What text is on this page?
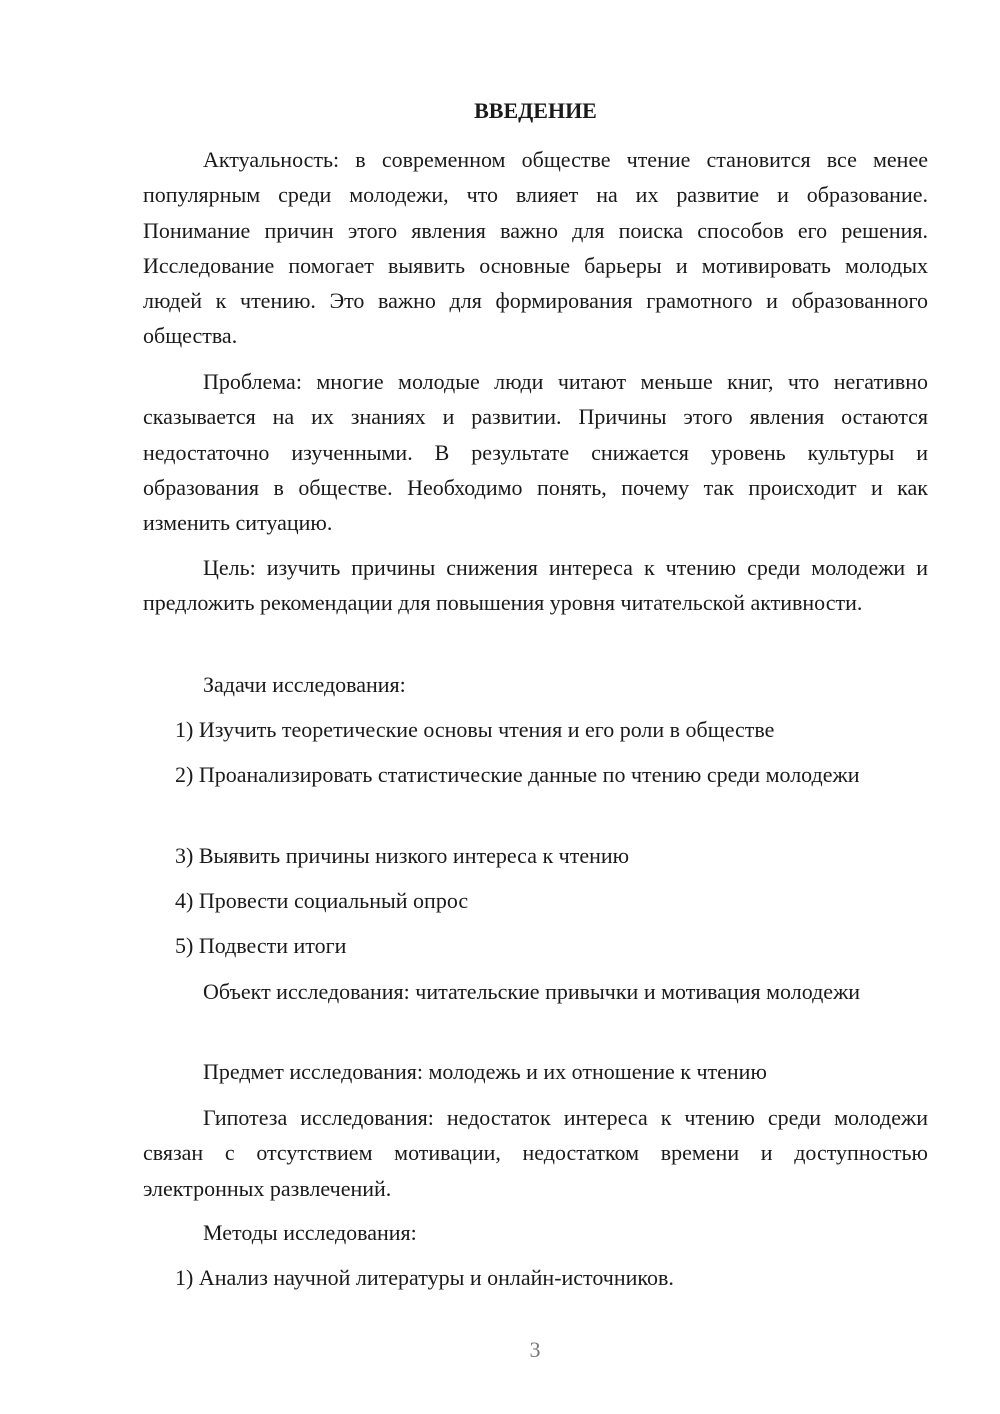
ВВЕДЕНИЕ
Актуальность: в современном обществе чтение становится все менее популярным среди молодежи, что влияет на их развитие и образование. Понимание причин этого явления важно для поиска способов его решения. Исследование помогает выявить основные барьеры и мотивировать молодых людей к чтению. Это важно для формирования грамотного и образованного общества.
Проблема: многие молодые люди читают меньше книг, что негативно сказывается на их знаниях и развитии. Причины этого явления остаются недостаточно изученными. В результате снижается уровень культуры и образования в обществе. Необходимо понять, почему так происходит и как изменить ситуацию.
Цель: изучить причины снижения интереса к чтению среди молодежи и предложить рекомендации для повышения уровня читательской активности.
Задачи исследования:
1) Изучить теоретические основы чтения и его роли в обществе
2) Проанализировать статистические данные по чтению среди молодежи
3) Выявить причины низкого интереса к чтению
4) Провести социальный опрос
5) Подвести итоги
Объект исследования: читательские привычки и мотивация молодежи
Предмет исследования: молодежь и их отношение к чтению
Гипотеза исследования: недостаток интереса к чтению среди молодежи связан с отсутствием мотивации, недостатком времени и доступностью электронных развлечений.
Методы исследования:
1) Анализ научной литературы и онлайн-источников.
3
